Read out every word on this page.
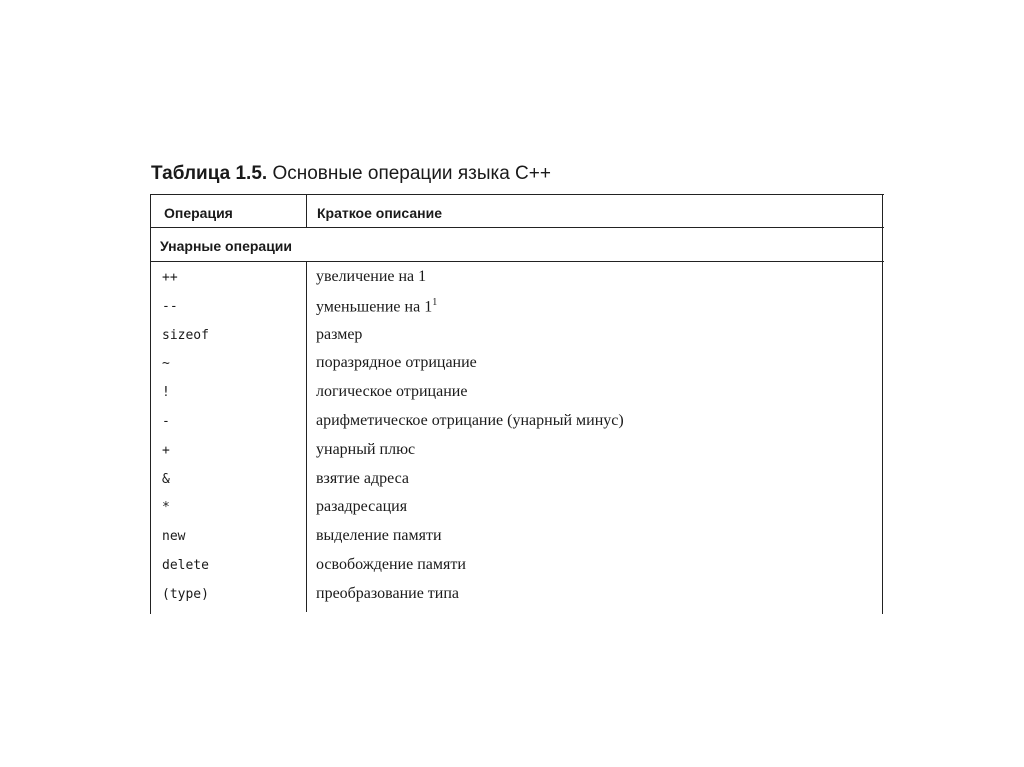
Таблица 1.5. Основные операции языка С++
Операция	Краткое описание
Унарные операции
++	увеличение на 1
--	уменьшение на $1^1$
sizeof	размер
~	поразрядное отрицание
!	логическое отрицание
-	арифметическое отрицание (унарный минус)
+	унарный плюс
&	взятие адреса
*	разадресация
new	выделение памяти
delete	освобождение памяти
(type)	преобразование типа
